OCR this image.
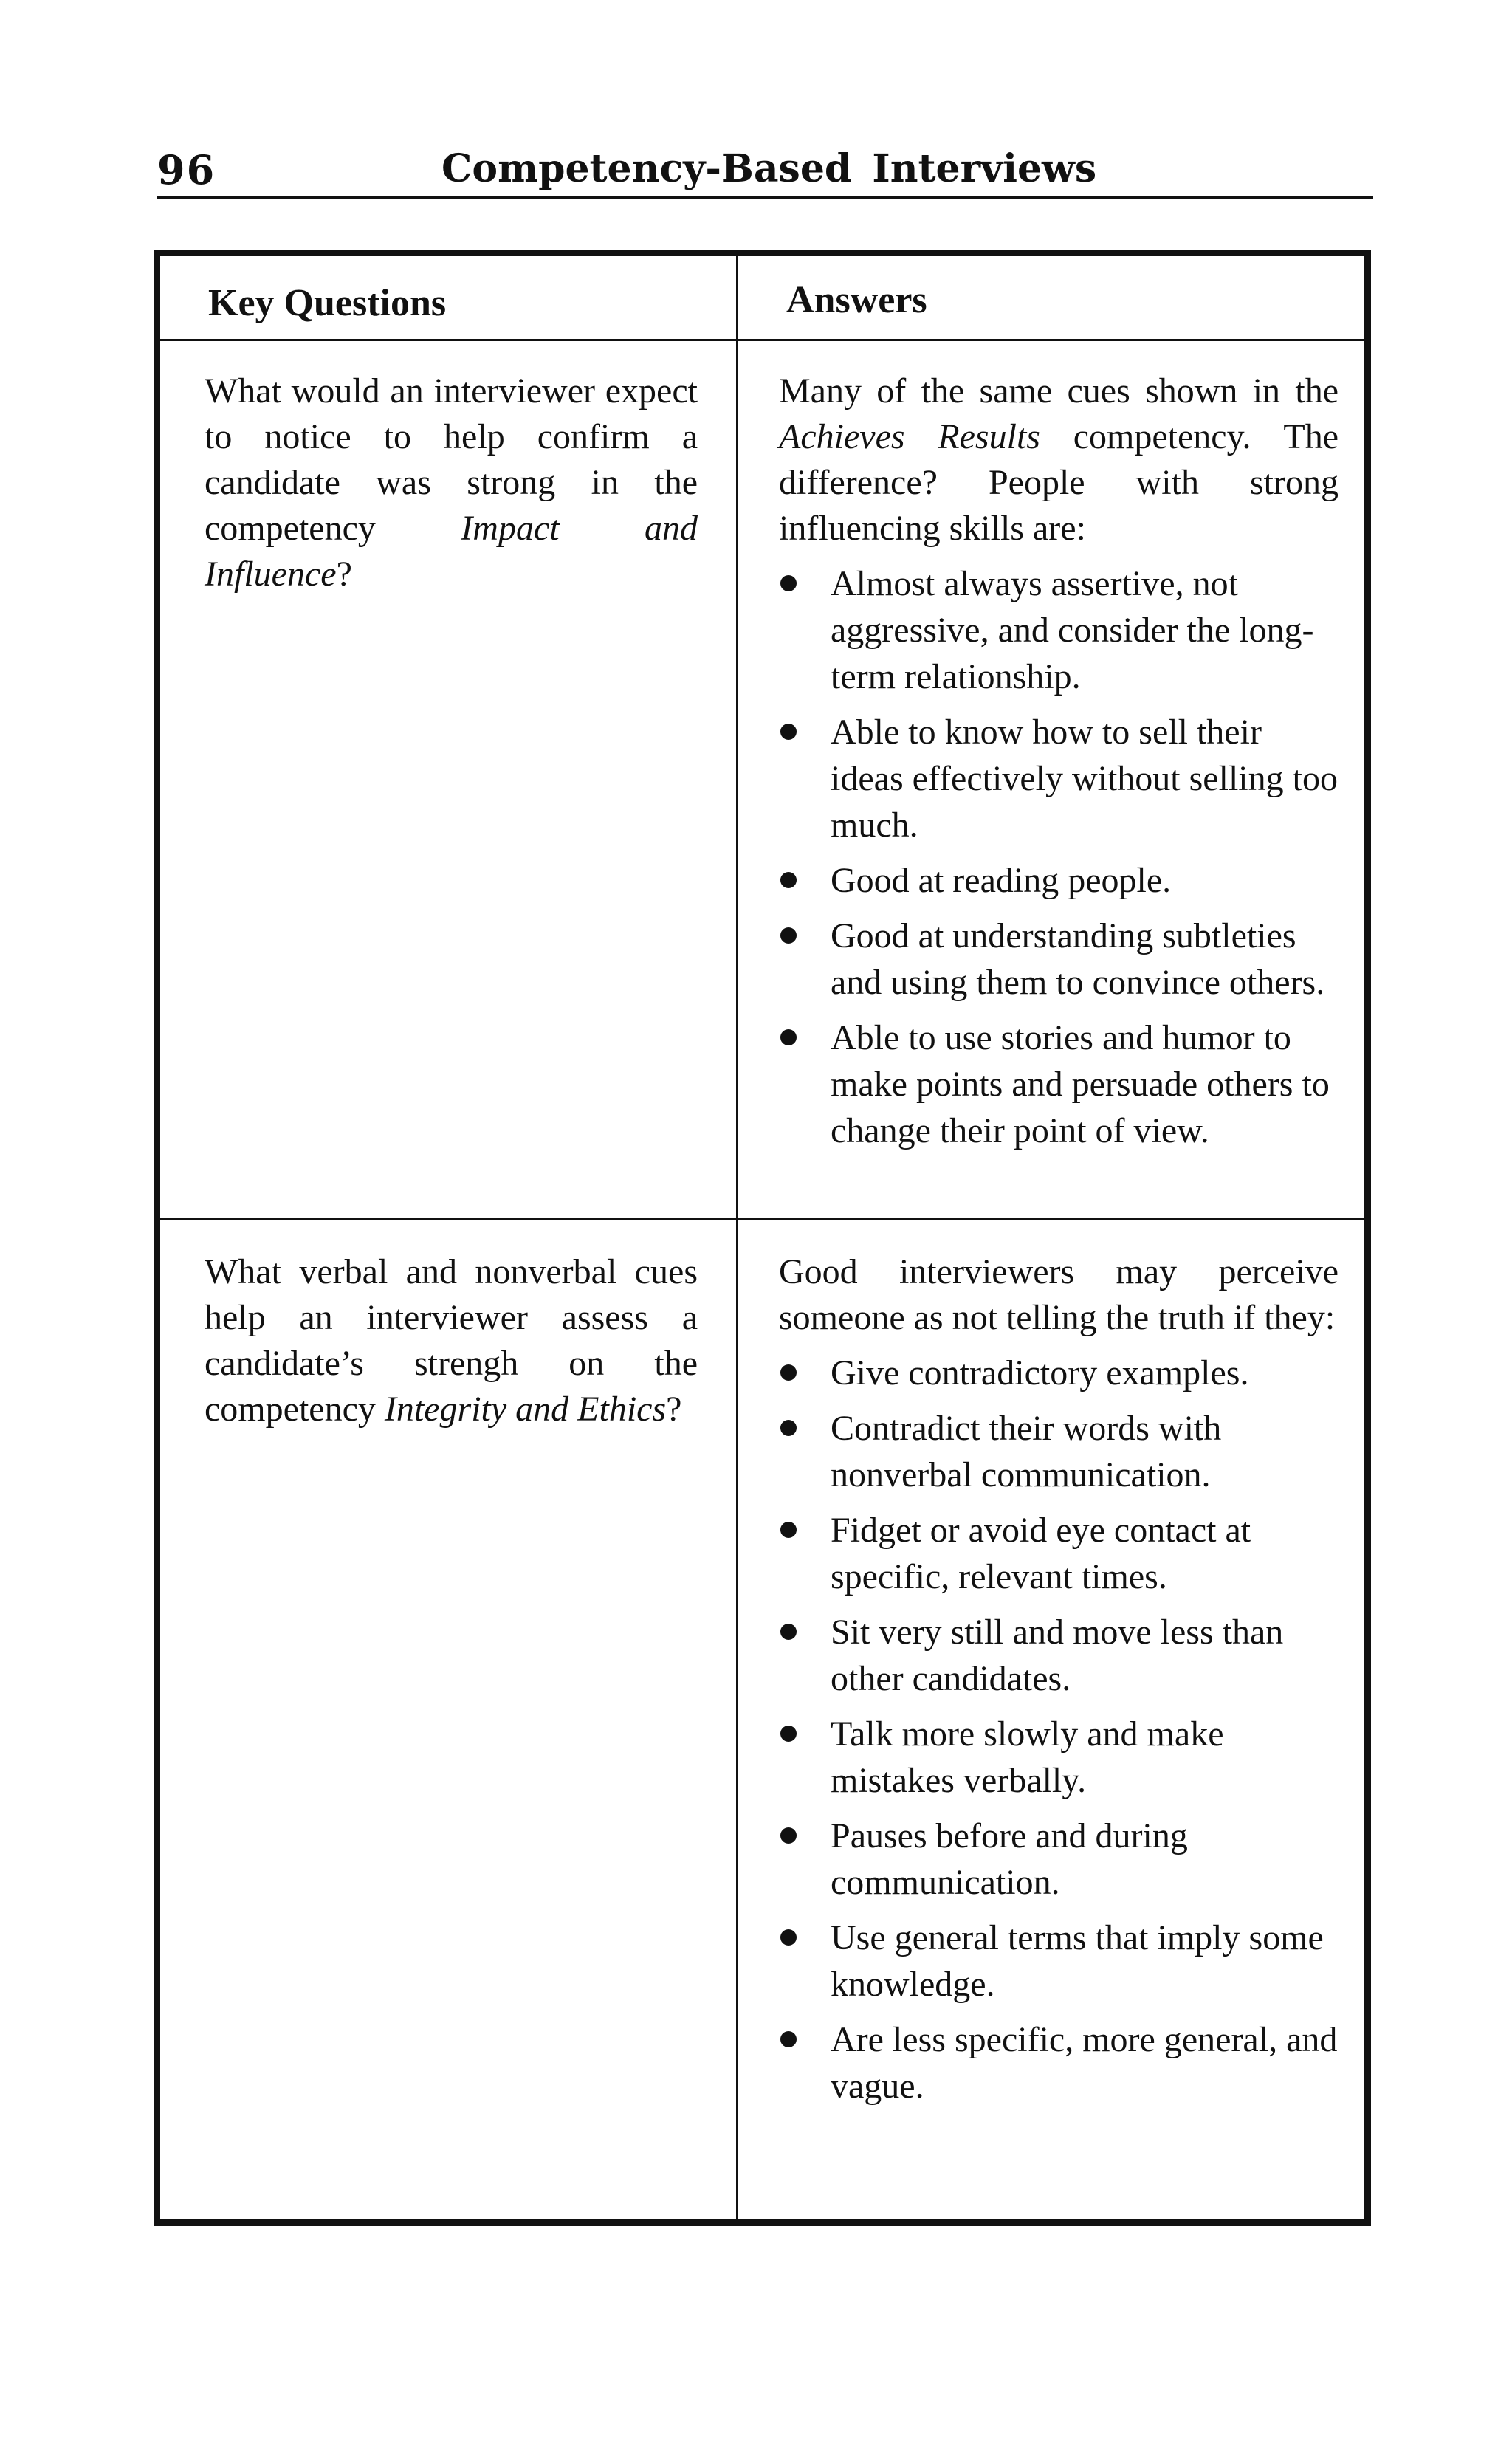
96	Competency-Based Interviews
Key Questions	Answers
What would an interviewer expect to notice to help confirm a candidate was strong in the competency Impact and Influence?

Many of the same cues shown in the Achieves Results competency. The difference? People with strong influencing skills are:

Almost always assertive, not aggressive, and consider the long-term relationship.
Able to know how to sell their ideas effectively without selling too much.
Good at reading people.
Good at understanding subtleties and using them to convince others.
Able to use stories and humor to make points and persuade others to change their point of view.
What verbal and nonverbal cues help an interviewer assess a candidate’s strengh on the competency Integrity and Ethics?

Good interviewers may perceive someone as not telling the truth if they:

Give contradictory examples.
Contradict their words with nonverbal communication.
Fidget or avoid eye contact at specific, relevant times.
Sit very still and move less than other candidates.
Talk more slowly and make mistakes verbally.
Pauses before and during communication.
Use general terms that imply some knowledge.
Are less specific, more general, and vague.
